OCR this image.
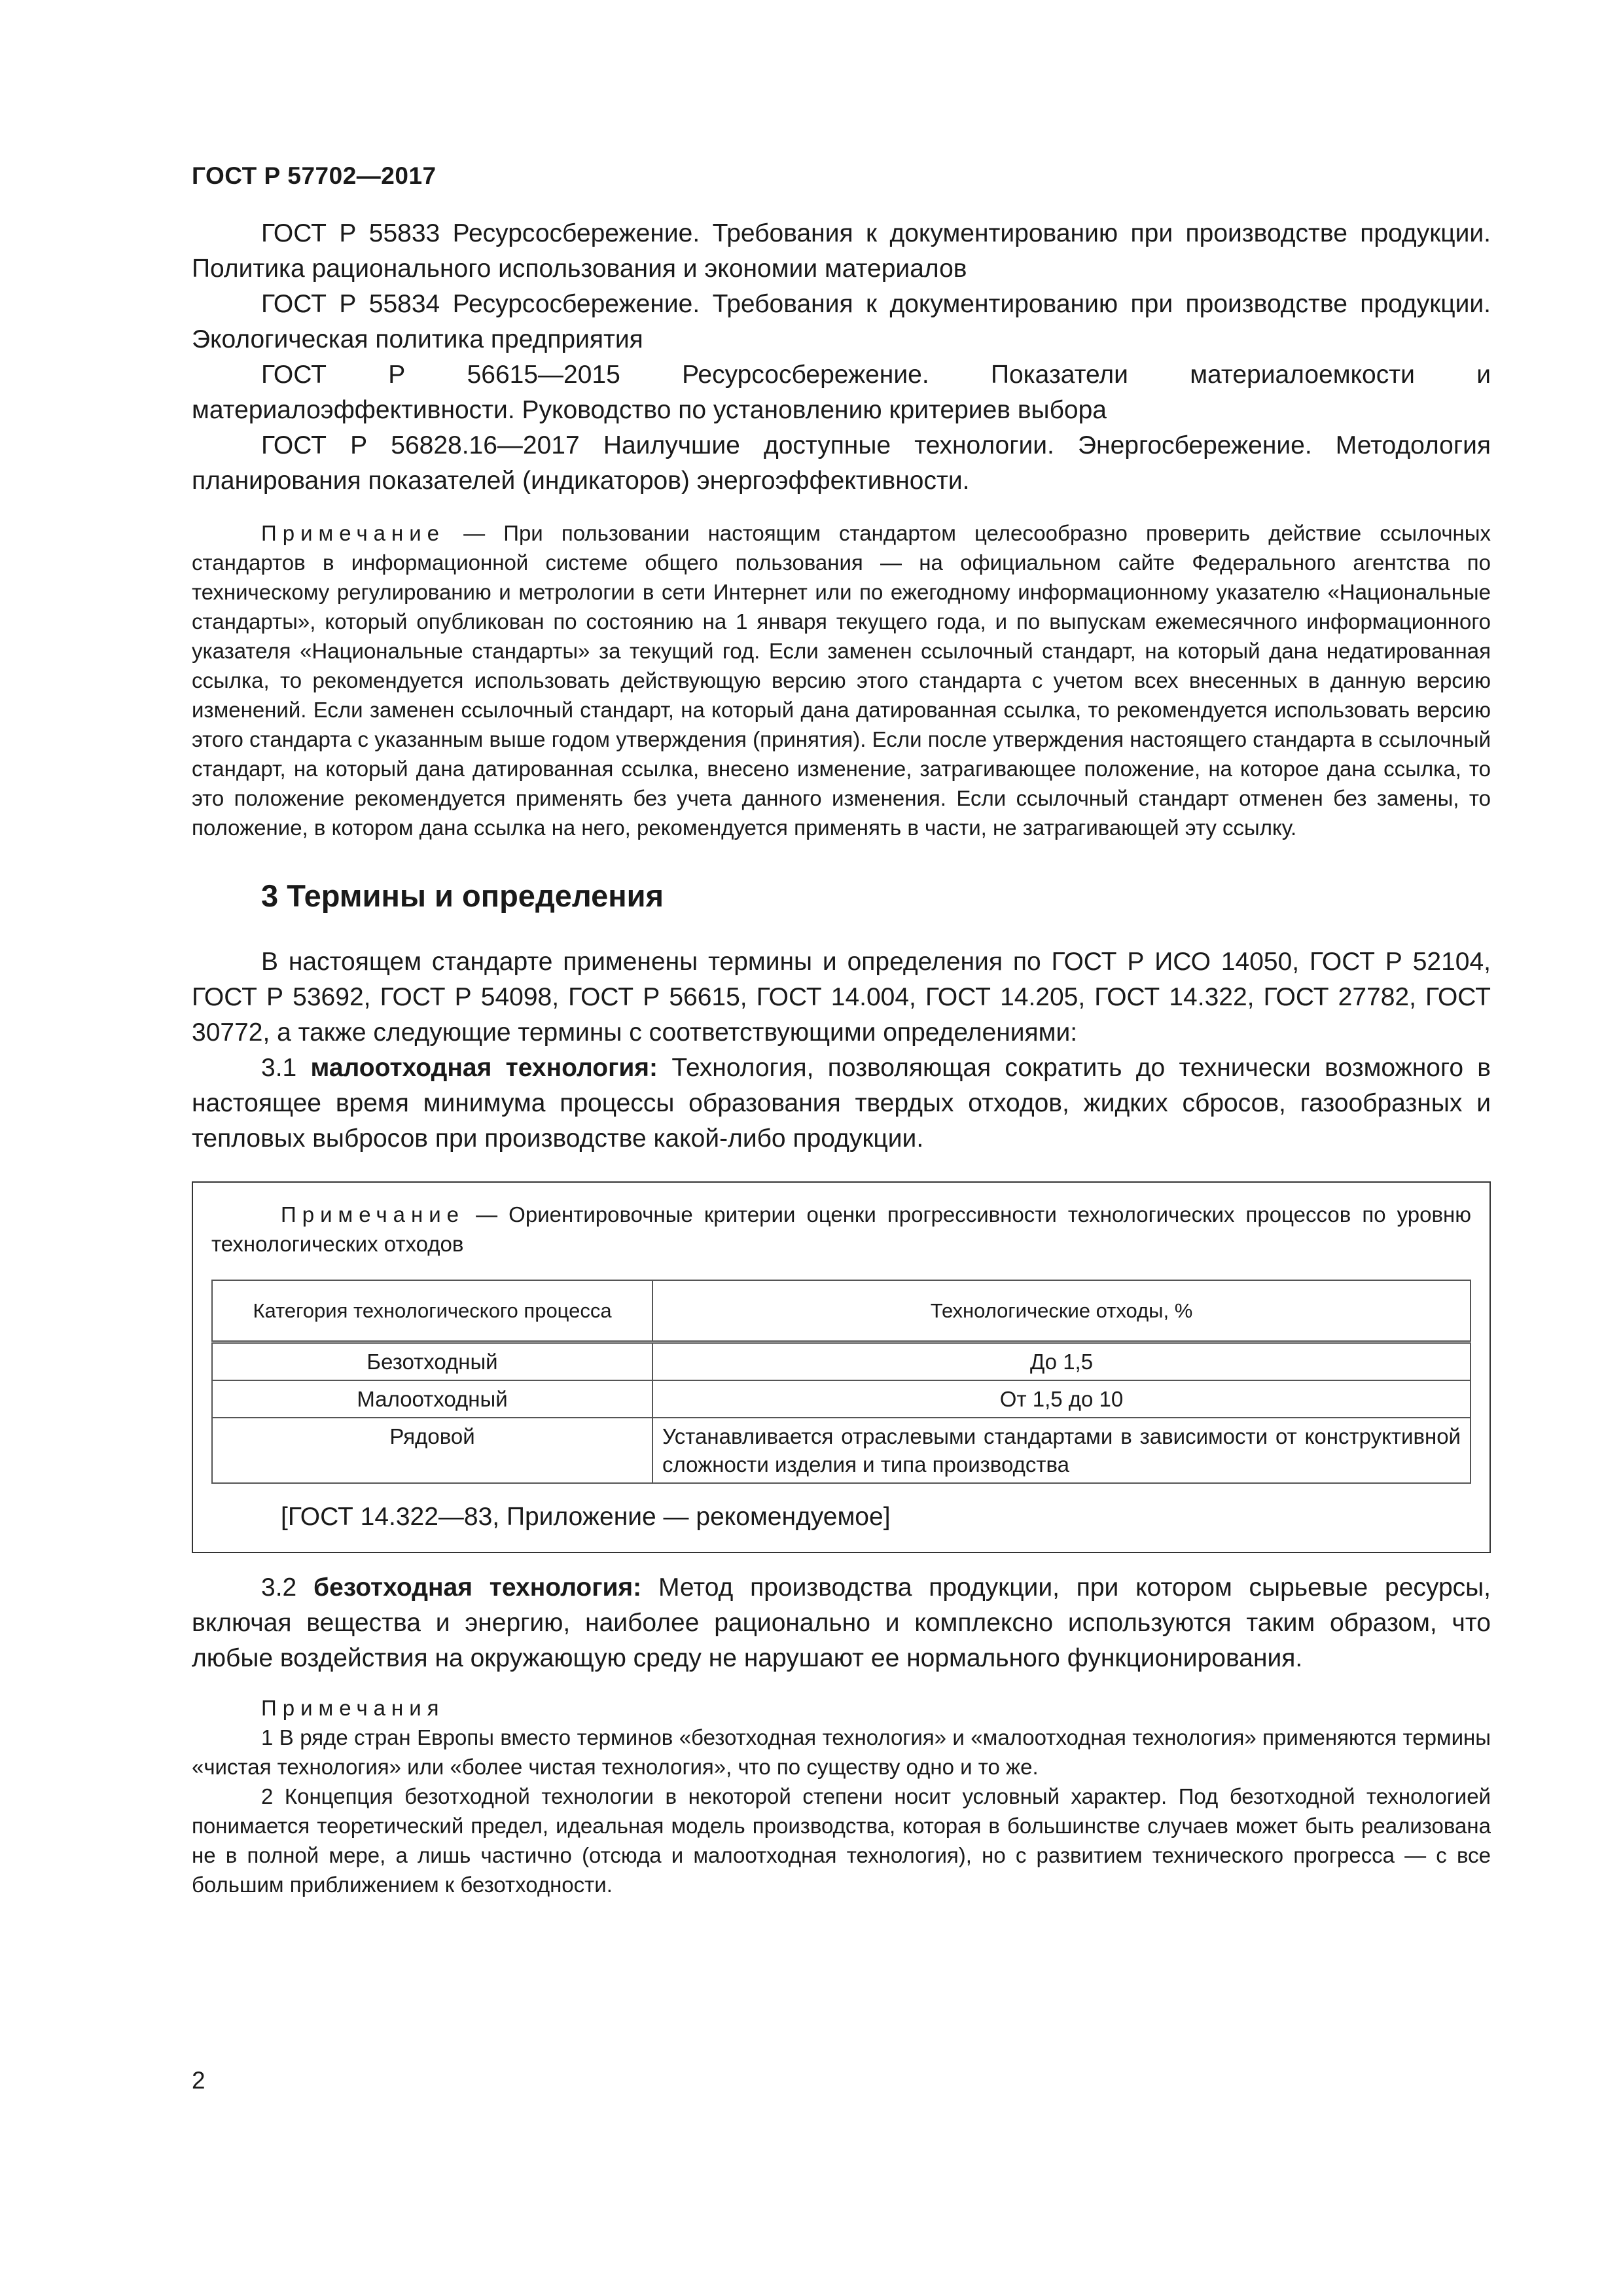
ГОСТ Р 57702—2017

ГОСТ Р 55833 Ресурсосбережение. Требования к документированию при производстве продукции. Политика рационального использования и экономии материалов

ГОСТ Р 55834 Ресурсосбережение. Требования к документированию при производстве продукции. Экологическая политика предприятия

ГОСТ Р 56615—2015 Ресурсосбережение. Показатели материалоемкости и материалоэффективности. Руководство по установлению критериев выбора

ГОСТ Р 56828.16—2017 Наилучшие доступные технологии. Энергосбережение. Методология планирования показателей (индикаторов) энергоэффективности.

Примечание — При пользовании настоящим стандартом целесообразно проверить действие ссылочных стандартов в информационной системе общего пользования — на официальном сайте Федерального агентства по техническому регулированию и метрологии в сети Интернет или по ежегодному информационному указателю «Национальные стандарты», который опубликован по состоянию на 1 января текущего года, и по выпускам ежемесячного информационного указателя «Национальные стандарты» за текущий год. Если заменен ссылочный стандарт, на который дана недатированная ссылка, то рекомендуется использовать действующую версию этого стандарта с учетом всех внесенных в данную версию изменений. Если заменен ссылочный стандарт, на который дана датированная ссылка, то рекомендуется использовать версию этого стандарта с указанным выше годом утверждения (принятия). Если после утверждения настоящего стандарта в ссылочный стандарт, на который дана датированная ссылка, внесено изменение, затрагивающее положение, на которое дана ссылка, то это положение рекомендуется применять без учета данного изменения. Если ссылочный стандарт отменен без замены, то положение, в котором дана ссылка на него, рекомендуется применять в части, не затрагивающей эту ссылку.

3 Термины и определения

В настоящем стандарте применены термины и определения по ГОСТ Р ИСО 14050, ГОСТ Р 52104, ГОСТ Р 53692, ГОСТ Р 54098, ГОСТ Р 56615, ГОСТ 14.004, ГОСТ 14.205, ГОСТ 14.322, ГОСТ 27782, ГОСТ 30772, а также следующие термины с соответствующими определениями:

3.1 малоотходная технология: Технология, позволяющая сократить до технически возможного в настоящее время минимума процессы образования твердых отходов, жидких сбросов, газообразных и тепловых выбросов при производстве какой-либо продукции.

Примечание — Ориентировочные критерии оценки прогрессивности технологических процессов по уровню технологических отходов

Категория технологического процесса	Технологические отходы, %
Безотходный	До 1,5
Малоотходный	От 1,5 до 10
Рядовой	Устанавливается отраслевыми стандартами в зависимости от конструктивной сложности изделия и типа производства
[ГОСТ 14.322—83, Приложение — рекомендуемое]

3.2 безотходная технология: Метод производства продукции, при котором сырьевые ресурсы, включая вещества и энергию, наиболее рационально и комплексно используются таким образом, что любые воздействия на окружающую среду не нарушают ее нормального функционирования.

Примечания

1 В ряде стран Европы вместо терминов «безотходная технология» и «малоотходная технология» применяются термины «чистая технология» или «более чистая технология», что по существу одно и то же.

2 Концепция безотходной технологии в некоторой степени носит условный характер. Под безотходной технологией понимается теоретический предел, идеальная модель производства, которая в большинстве случаев может быть реализована не в полной мере, а лишь частично (отсюда и малоотходная технология), но с развитием технического прогресса — с все большим приближением к безотходности.

2
